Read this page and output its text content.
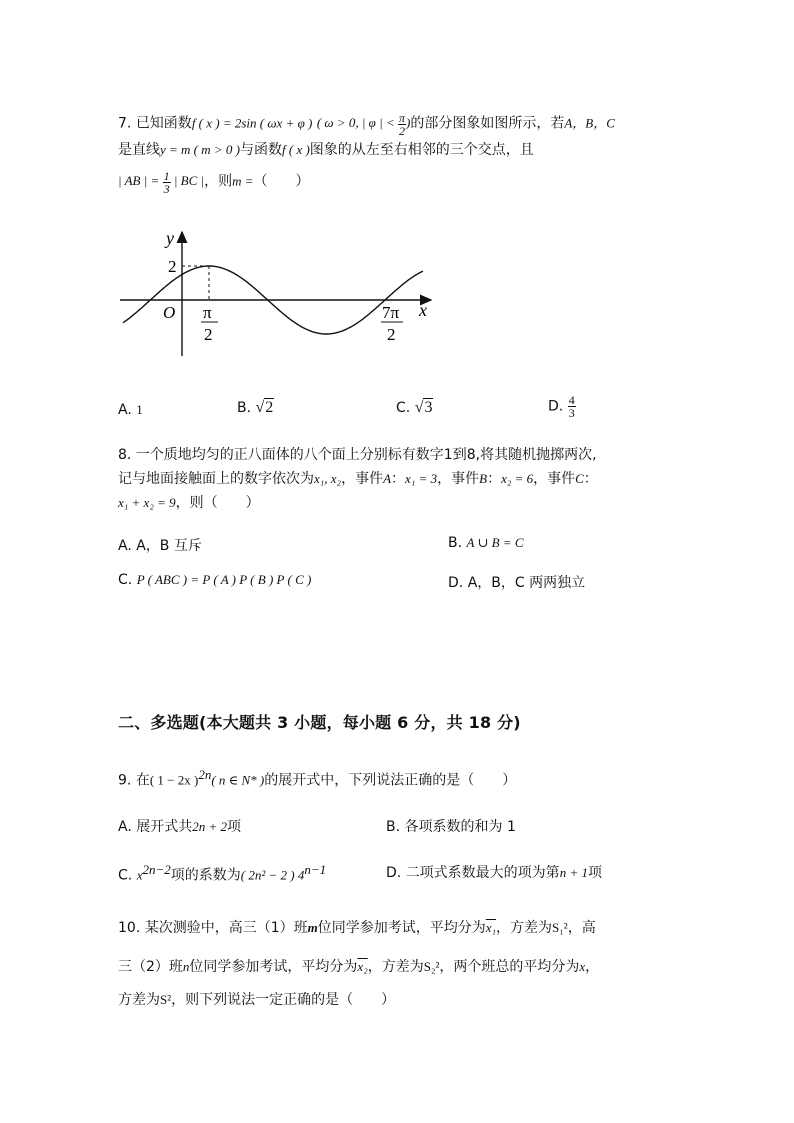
7. 已知函数f ( x ) = 2sin ( ωx + φ ) ( ω > 0, | φ | < $\frac{\pi}{2}$ )的部分图象如图所示，若A，B，C
是直线y = m ( m > 0 )与函数f ( x )图象的从左至右相邻的三个交点，且
| AB | = $\frac{1}{3}$ | BC |，则m =（　　）
y
x
O
2
π
2
7π
2
A. 1	B. √2	C. √3	D. $\frac{4}{3}$
8. 一个质地均匀的正八面体的八个面上分别标有数字1到8,将其随机抛掷两次,
记与地面接触面上的数字依次为x₁, x₂，事件A：x₁ = 3，事件B：x₂ = 6，事件C：
x₁ + x₂ = 9，则（　　）
A. A，B 互斥	B. A ∪ B = C
C. P ( ABC ) = P ( A ) P ( B ) P ( C )	D. A，B，C 两两独立
二、多选题(本大题共 3 小题，每小题 6 分，共 18 分)
9. 在( 1 − 2x )$^{2n}$( n ∈ N* )的展开式中，下列说法正确的是（　　）
A. 展开式共2n + 2项	B. 各项系数的和为 1
C. $x^{2n-2}$项的系数为( 2n² − 2 ) $4^{n-1}$	D. 二项式系数最大的项为第n + 1项
10. 某次测验中，高三（1）班m位同学参加考试，平均分为x₁，方差为S₁²，高
三（2）班n位同学参加考试，平均分为x₂，方差为S₂²，两个班总的平均分为x，
方差为S²，则下列说法一定正确的是（　　）
